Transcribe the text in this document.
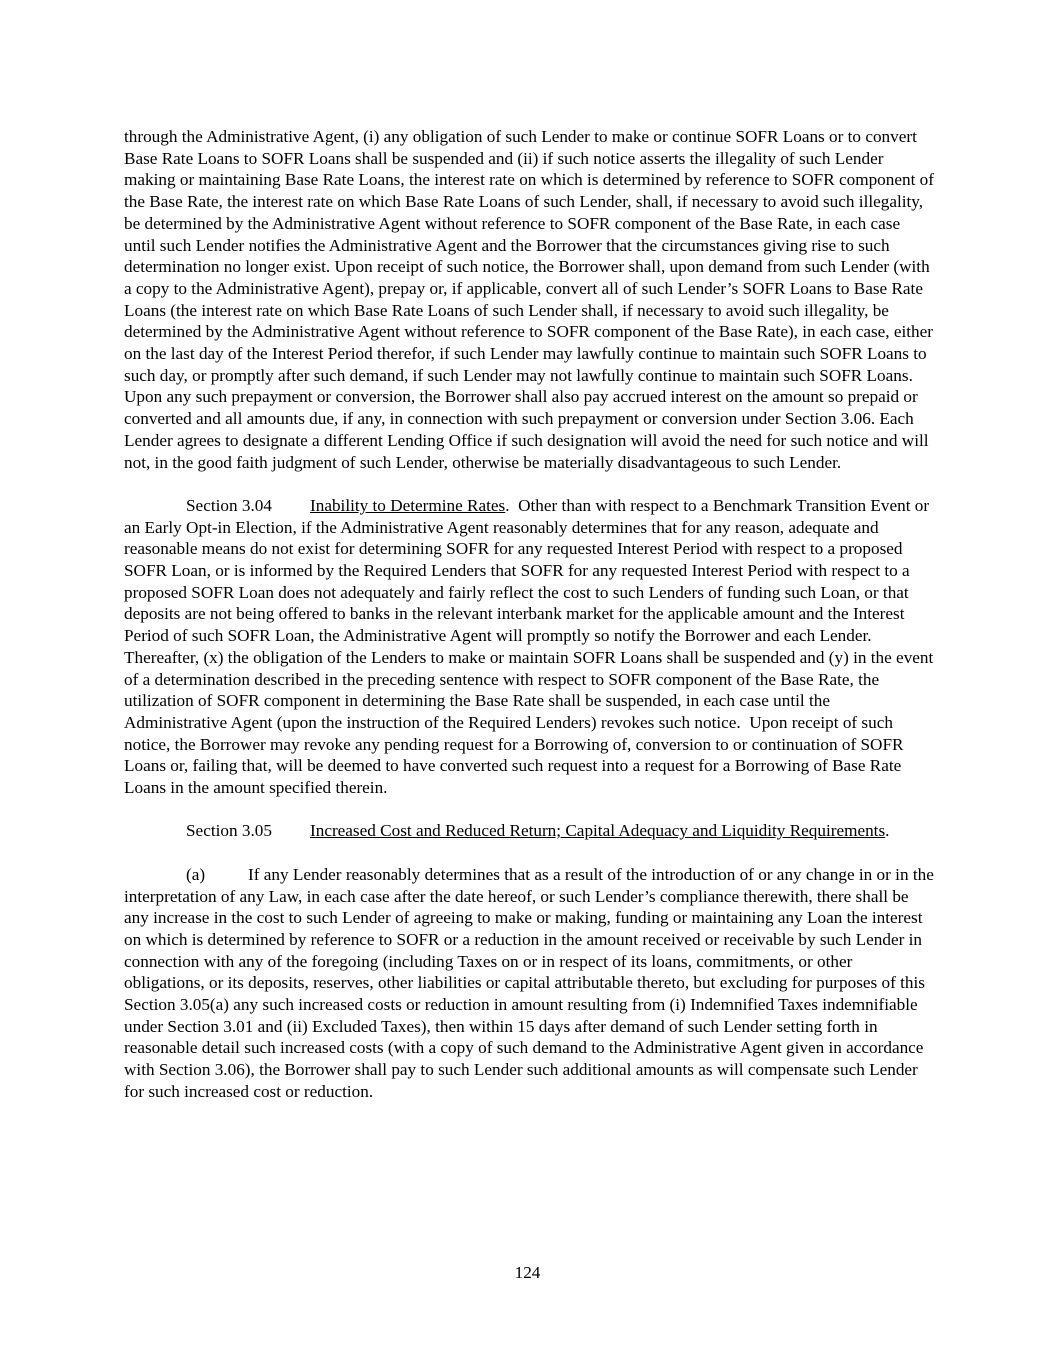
through the Administrative Agent, (i) any obligation of such Lender to make or continue SOFR Loans or to convert Base Rate Loans to SOFR Loans shall be suspended and (ii) if such notice asserts the illegality of such Lender making or maintaining Base Rate Loans, the interest rate on which is determined by reference to SOFR component of the Base Rate, the interest rate on which Base Rate Loans of such Lender, shall, if necessary to avoid such illegality, be determined by the Administrative Agent without reference to SOFR component of the Base Rate, in each case until such Lender notifies the Administrative Agent and the Borrower that the circumstances giving rise to such determination no longer exist. Upon receipt of such notice, the Borrower shall, upon demand from such Lender (with a copy to the Administrative Agent), prepay or, if applicable, convert all of such Lender’s SOFR Loans to Base Rate Loans (the interest rate on which Base Rate Loans of such Lender shall, if necessary to avoid such illegality, be determined by the Administrative Agent without reference to SOFR component of the Base Rate), in each case, either on the last day of the Interest Period therefor, if such Lender may lawfully continue to maintain such SOFR Loans to such day, or promptly after such demand, if such Lender may not lawfully continue to maintain such SOFR Loans. Upon any such prepayment or conversion, the Borrower shall also pay accrued interest on the amount so prepaid or converted and all amounts due, if any, in connection with such prepayment or conversion under Section 3.06. Each Lender agrees to designate a different Lending Office if such designation will avoid the need for such notice and will not, in the good faith judgment of such Lender, otherwise be materially disadvantageous to such Lender.

Section 3.04 Inability to Determine Rates.  Other than with respect to a Benchmark Transition Event or an Early Opt-in Election, if the Administrative Agent reasonably determines that for any reason, adequate and reasonable means do not exist for determining SOFR for any requested Interest Period with respect to a proposed SOFR Loan, or is informed by the Required Lenders that SOFR for any requested Interest Period with respect to a proposed SOFR Loan does not adequately and fairly reflect the cost to such Lenders of funding such Loan, or that deposits are not being offered to banks in the relevant interbank market for the applicable amount and the Interest Period of such SOFR Loan, the Administrative Agent will promptly so notify the Borrower and each Lender.  Thereafter, (x) the obligation of the Lenders to make or maintain SOFR Loans shall be suspended and (y) in the event of a determination described in the preceding sentence with respect to SOFR component of the Base Rate, the utilization of SOFR component in determining the Base Rate shall be suspended, in each case until the Administrative Agent (upon the instruction of the Required Lenders) revokes such notice.  Upon receipt of such notice, the Borrower may revoke any pending request for a Borrowing of, conversion to or continuation of SOFR Loans or, failing that, will be deemed to have converted such request into a request for a Borrowing of Base Rate Loans in the amount specified therein.

Section 3.05 Increased Cost and Reduced Return; Capital Adequacy and Liquidity Requirements.

(a) If any Lender reasonably determines that as a result of the introduction of or any change in or in the interpretation of any Law, in each case after the date hereof, or such Lender’s compliance therewith, there shall be any increase in the cost to such Lender of agreeing to make or making, funding or maintaining any Loan the interest on which is determined by reference to SOFR or a reduction in the amount received or receivable by such Lender in connection with any of the foregoing (including Taxes on or in respect of its loans, commitments, or other obligations, or its deposits, reserves, other liabilities or capital attributable thereto, but excluding for purposes of this Section 3.05(a) any such increased costs or reduction in amount resulting from (i) Indemnified Taxes indemnifiable under Section 3.01 and (ii) Excluded Taxes), then within 15 days after demand of such Lender setting forth in reasonable detail such increased costs (with a copy of such demand to the Administrative Agent given in accordance with Section 3.06), the Borrower shall pay to such Lender such additional amounts as will compensate such Lender for such increased cost or reduction.

124
